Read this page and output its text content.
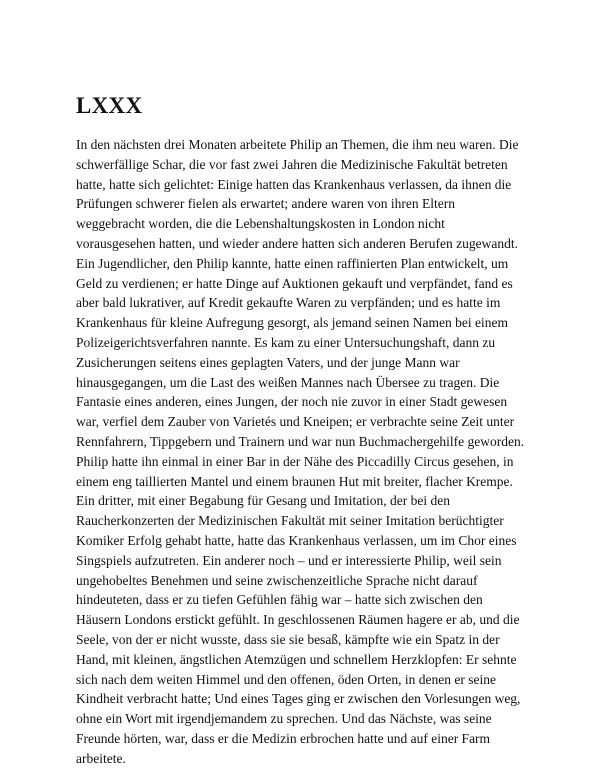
LXXX

In den nächsten drei Monaten arbeitete Philip an Themen, die ihm neu waren. Die schwerfällige Schar, die vor fast zwei Jahren die Medizinische Fakultät betreten hatte, hatte sich gelichtet: Einige hatten das Krankenhaus verlassen, da ihnen die Prüfungen schwerer fielen als erwartet; andere waren von ihren Eltern weggebracht worden, die die Lebenshaltungskosten in London nicht vorausgesehen hatten, und wieder andere hatten sich anderen Berufen zugewandt. Ein Jugendlicher, den Philip kannte, hatte einen raffinierten Plan entwickelt, um Geld zu verdienen; er hatte Dinge auf Auktionen gekauft und verpfändet, fand es aber bald lukrativer, auf Kredit gekaufte Waren zu verpfänden; und es hatte im Krankenhaus für kleine Aufregung gesorgt, als jemand seinen Namen bei einem Polizeigerichtsverfahren nannte. Es kam zu einer Untersuchungshaft, dann zu Zusicherungen seitens eines geplagten Vaters, und der junge Mann war hinausgegangen, um die Last des weißen Mannes nach Übersee zu tragen. Die Fantasie eines anderen, eines Jungen, der noch nie zuvor in einer Stadt gewesen war, verfiel dem Zauber von Varietés und Kneipen; er verbrachte seine Zeit unter Rennfahrern, Tippgebern und Trainern und war nun Buchmachergehilfe geworden. Philip hatte ihn einmal in einer Bar in der Nähe des Piccadilly Circus gesehen, in einem eng taillierten Mantel und einem braunen Hut mit breiter, flacher Krempe. Ein dritter, mit einer Begabung für Gesang und Imitation, der bei den Raucherkonzerten der Medizinischen Fakultät mit seiner Imitation berüchtigter Komiker Erfolg gehabt hatte, hatte das Krankenhaus verlassen, um im Chor eines Singspiels aufzutreten. Ein anderer noch – und er interessierte Philip, weil sein ungehobeltes Benehmen und seine zwischenzeitliche Sprache nicht darauf hindeuteten, dass er zu tiefen Gefühlen fähig war – hatte sich zwischen den Häusern Londons erstickt gefühlt. In geschlossenen Räumen hagere er ab, und die Seele, von der er nicht wusste, dass sie sie besaß, kämpfte wie ein Spatz in der Hand, mit kleinen, ängstlichen Atemzügen und schnellem Herzklopfen: Er sehnte sich nach dem weiten Himmel und den offenen, öden Orten, in denen er seine Kindheit verbracht hatte; Und eines Tages ging er zwischen den Vorlesungen weg, ohne ein Wort mit irgendjemandem zu sprechen. Und das Nächste, was seine Freunde hörten, war, dass er die Medizin erbrochen hatte und auf einer Farm arbeitete.
